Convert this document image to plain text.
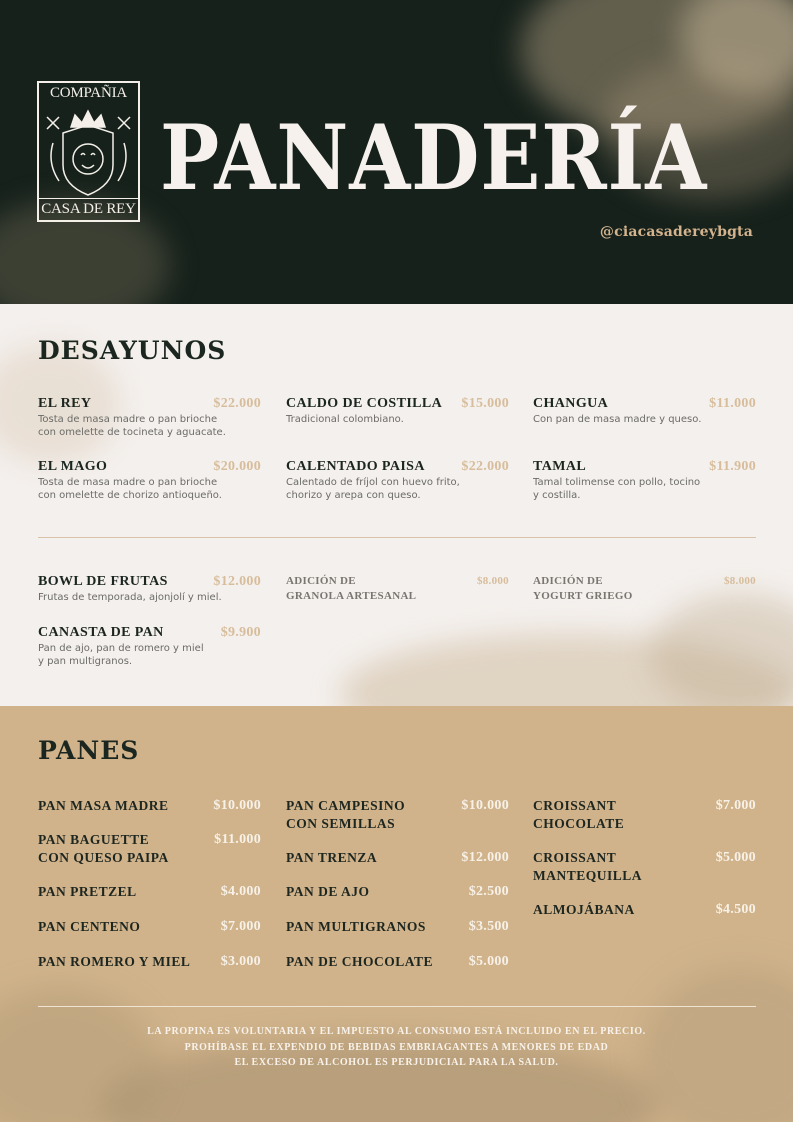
COMPAÑIA
CASA DE REY PANADERÍA
@ciacasadereybgta
DESAYUNOS
EL REY	$22.000
Tosta de masa madre o pan brioche
con omelette de tocineta y aguacate.
CALDO DE COSTILLA $15.000
Tradicional colombiano.
CHANGUA	$11.000
Con pan de masa madre y queso.
EL MAGO	$20.000
Tosta de masa madre o pan brioche
con omelette de chorizo antioqueño.
CALENTADO PAISA	$22.000
Calentado de fríjol con huevo frito,
chorizo y arepa con queso.
TAMAL	$11.900
Tamal tolimense con pollo, tocino
y costilla.
BOWL DE FRUTAS	$12.000
Frutas de temporada, ajonjolí y miel.
ADICIÓN DE
GRANOLA ARTESANAL
$8.000 ADICIÓN DE
YOGURT GRIEGO
$8.000
CANASTA DE PAN	$9.900
Pan de ajo, pan de romero y miel
y pan multigranos.
PANES
PAN MASA MADRE	$10.000
PAN BAGUETTE
CON QUESO PAIPA
$11.000
PAN PRETZEL	$4.000
PAN CENTENO	$7.000
PAN ROMERO Y MIEL $3.000
PAN CAMPESINO
CON SEMILLAS
$10.000
PAN TRENZA	$12.000
PAN DE AJO	$2.500
PAN MULTIGRANOS	$3.500
PAN DE CHOCOLATE	$5.000
CROISSANT
CHOCOLATE
$7.000
CROISSANT
MANTEQUILLA
$5.000
ALMOJÁBANA	$4.500
LA PROPINA ES VOLUNTARIA Y EL IMPUESTO AL CONSUMO ESTÁ INCLUIDO EN EL PRECIO.
PROHÍBASE EL EXPENDIO DE BEBIDAS EMBRIAGANTES A MENORES DE EDAD
EL EXCESO DE ALCOHOL ES PERJUDICIAL PARA LA SALUD.
